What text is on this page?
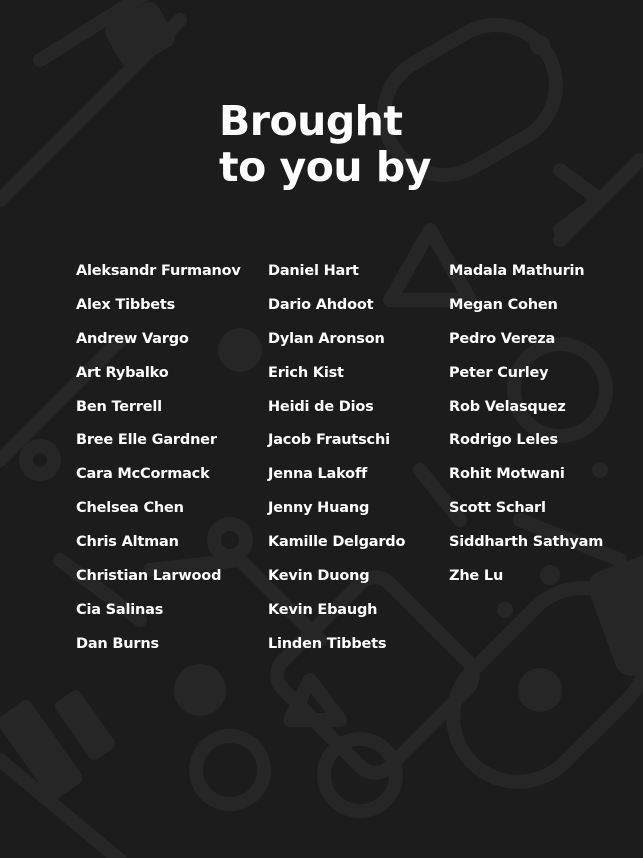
Brought
to you by
Aleksandr Furmanov
Alex Tibbets
Andrew Vargo
Art Rybalko
Ben Terrell
Bree Elle Gardner
Cara McCormack
Chelsea Chen
Chris Altman
Christian Larwood
Cia Salinas
Dan Burns
Daniel Hart
Dario Ahdoot
Dylan Aronson
Erich Kist
Heidi de Dios
Jacob Frautschi
Jenna Lakoff
Jenny Huang
Kamille Delgardo
Kevin Duong
Kevin Ebaugh
Linden Tibbets
Madala Mathurin
Megan Cohen
Pedro Vereza
Peter Curley
Rob Velasquez
Rodrigo Leles
Rohit Motwani
Scott Scharl
Siddharth Sathyam
Zhe Lu
